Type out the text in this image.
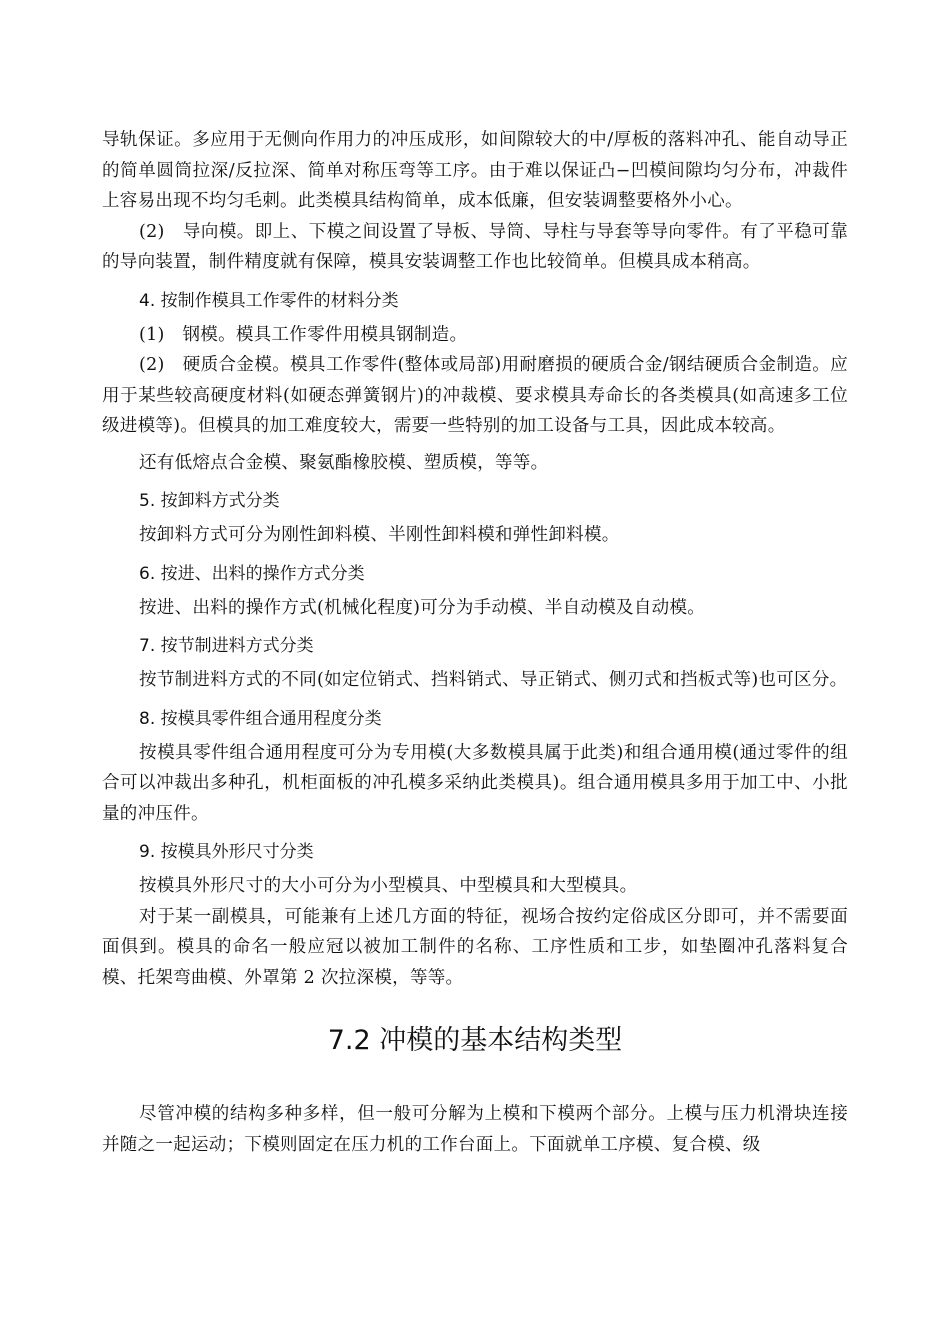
导轨保证。多应用于无侧向作用力的冲压成形，如间隙较大的中/厚板的落料冲孔、能自动导正的简单圆筒拉深/反拉深、简单对称压弯等工序。由于难以保证凸−凹模间隙均匀分布，冲裁件上容易出现不均匀毛刺。此类模具结构简单，成本低廉，但安装调整要格外小心。

(2)　导向模。即上、下模之间设置了导板、导筒、导柱与导套等导向零件。有了平稳可靠的导向装置，制件精度就有保障，模具安装调整工作也比较简单。但模具成本稍高。

4. 按制作模具工作零件的材料分类

(1)　钢模。模具工作零件用模具钢制造。

(2)　硬质合金模。模具工作零件(整体或局部)用耐磨损的硬质合金/钢结硬质合金制造。应用于某些较高硬度材料(如硬态弹簧钢片)的冲裁模、要求模具寿命长的各类模具(如高速多工位级进模等)。但模具的加工难度较大，需要一些特别的加工设备与工具，因此成本较高。

还有低熔点合金模、聚氨酯橡胶模、塑质模，等等。

5. 按卸料方式分类

按卸料方式可分为刚性卸料模、半刚性卸料模和弹性卸料模。

6. 按进、出料的操作方式分类

按进、出料的操作方式(机械化程度)可分为手动模、半自动模及自动模。

7. 按节制进料方式分类

按节制进料方式的不同(如定位销式、挡料销式、导正销式、侧刃式和挡板式等)也可区分。

8. 按模具零件组合通用程度分类

按模具零件组合通用程度可分为专用模(大多数模具属于此类)和组合通用模(通过零件的组合可以冲裁出多种孔，机柜面板的冲孔模多采纳此类模具)。组合通用模具多用于加工中、小批量的冲压件。

9. 按模具外形尺寸分类

按模具外形尺寸的大小可分为小型模具、中型模具和大型模具。

对于某一副模具，可能兼有上述几方面的特征，视场合按约定俗成区分即可，并不需要面面俱到。模具的命名一般应冠以被加工制件的名称、工序性质和工步，如垫圈冲孔落料复合模、托架弯曲模、外罩第 2 次拉深模，等等。

7.2 冲模的基本结构类型

尽管冲模的结构多种多样，但一般可分解为上模和下模两个部分。上模与压力机滑块连接并随之一起运动；下模则固定在压力机的工作台面上。下面就单工序模、复合模、级
